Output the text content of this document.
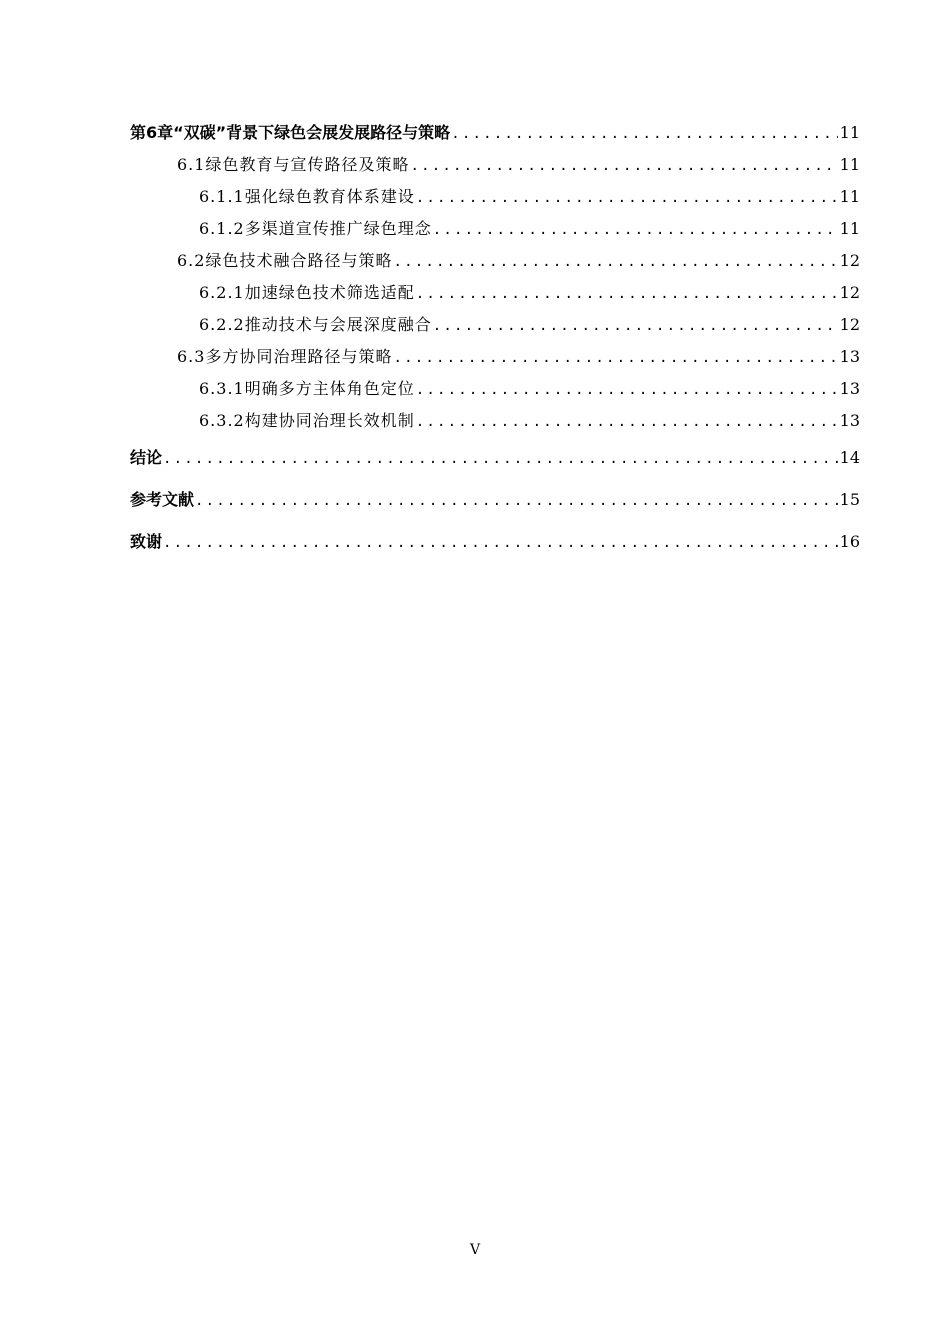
第6章 “双碳”背景下绿色会展发展路径与策略 .....	11
6.1 绿色教育与宣传路径及策略 .....	11
6.1.1 强化绿色教育体系建设 .....	11
6.1.2 多渠道宣传推广绿色理念 .....	11
6.2 绿色技术融合路径与策略 .....	12
6.2.1 加速绿色技术筛选适配 .....	12
6.2.2 推动技术与会展深度融合 .....	12
6.3 多方协同治理路径与策略 .....	13
6.3.1 明确多方主体角色定位 .....	13
6.3.2 构建协同治理长效机制 .....	13
结论 .....	14
参考文献 .....	15
致谢 .....	16
V
